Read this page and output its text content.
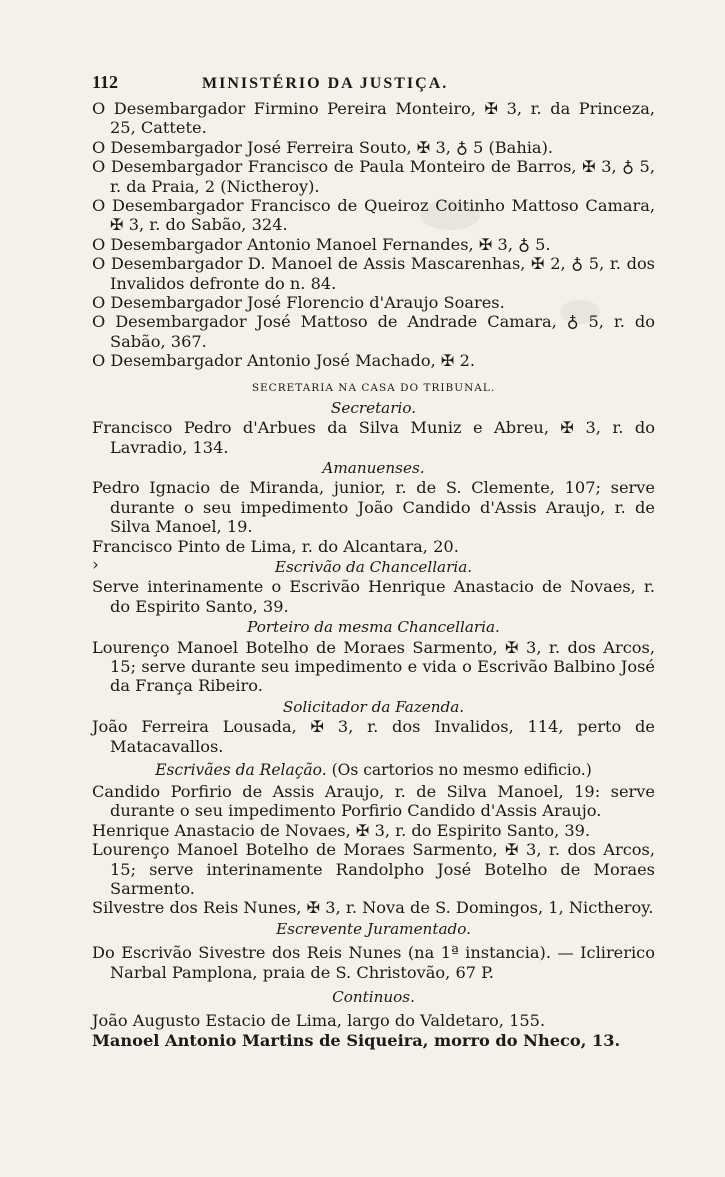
112	MINISTÉRIO DA JUSTIÇA.

O Desembargador Firmino Pereira Monteiro, ✠ 3, r. da Princeza, 25, Cattete.

O Desembargador José Ferreira Souto, ✠ 3, ♁ 5 (Bahia).

O Desembargador Francisco de Paula Monteiro de Barros, ✠ 3, ♁ 5, r. da Praia, 2 (Nictheroy).

O Desembargador Francisco de Queiroz Coitinho Mattoso Camara, ✠ 3, r. do Sabão, 324.

O Desembargador Antonio Manoel Fernandes, ✠ 3, ♁ 5.

O Desembargador D. Manoel de Assis Mascarenhas, ✠ 2, ♁ 5, r. dos Invalidos defronte do n. 84.

O Desembargador José Florencio d'Araujo Soares.

O Desembargador José Mattoso de Andrade Camara, ♁ 5, r. do Sabão, 367.

O Desembargador Antonio José Machado, ✠ 2.

SECRETARIA NA CASA DO TRIBUNAL.

Secretario.

Francisco Pedro d'Arbues da Silva Muniz e Abreu, ✠ 3, r. do Lavradio, 134.

Amanuenses.

Pedro Ignacio de Miranda, junior, r. de S. Clemente, 107; serve durante o seu impedimento João Candido d'Assis Araujo, r. de Silva Manoel, 19.

Francisco Pinto de Lima, r. do Alcantara, 20.

›	Escrivão da Chancellaria.

Serve interinamente o Escrivão Henrique Anastacio de Novaes, r. do Espirito Santo, 39.

Porteiro da mesma Chancellaria.

Lourenço Manoel Botelho de Moraes Sarmento, ✠ 3, r. dos Arcos, 15; serve durante seu impedimento e vida o Escrivão Balbino José da França Ribeiro.

Solicitador da Fazenda.

João Ferreira Lousada, ✠ 3, r. dos Invalidos, 114, perto de Matacavallos.

Escrivães da Relação. (Os cartorios no mesmo edificio.)

Candido Porfirio de Assis Araujo, r. de Silva Manoel, 19: serve durante o seu impedimento Porfirio Candido d'Assis Araujo.

Henrique Anastacio de Novaes, ✠ 3, r. do Espirito Santo, 39.

Lourenço Manoel Botelho de Moraes Sarmento, ✠ 3, r. dos Arcos, 15; serve interinamente Randolpho José Botelho de Moraes Sarmento.

Silvestre dos Reis Nunes, ✠ 3, r. Nova de S. Domingos, 1, Nictheroy.

Escrevente Juramentado.

Do Escrivão Sivestre dos Reis Nunes (na 1ª instancia). — Iclirerico Narbal Pamplona, praia de S. Christovão, 67 P.

Continuos.

João Augusto Estacio de Lima, largo do Valdetaro, 155.

Manoel Antonio Martins de Siqueira, morro do Nheco, 13.
